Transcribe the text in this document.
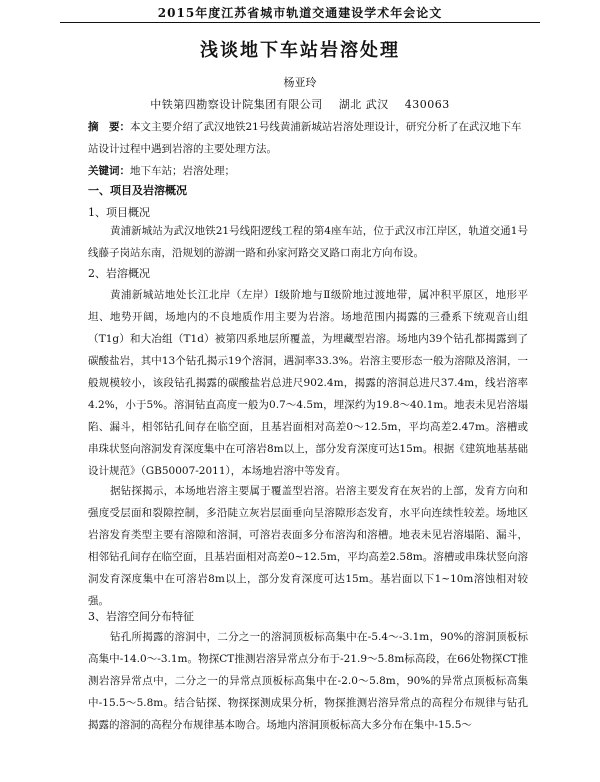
2015年度江苏省城市轨道交通建设学术年会论文
浅谈地下车站岩溶处理
杨亚玲
中铁第四勘察设计院集团有限公司 湖北 武汉 430063

摘　要：本文主要介绍了武汉地铁21号线黄浦新城站岩溶处理设计，研究分析了在武汉地下车站设计过程中遇到岩溶的主要处理方法。

关键词：地下车站；岩溶处理；

一、项目及岩溶概况
1、项目概况

黄浦新城站为武汉地铁21号线阳逻线工程的第4座车站，位于武汉市江岸区，轨道交通1号线藤子岗站东南，沿规划的游湖一路和孙家河路交叉路口南北方向布设。

2、岩溶概况

黄浦新城站地处长江北岸（左岸）Ⅰ级阶地与Ⅱ级阶地过渡地带，属冲积平原区，地形平坦、地势开阔，场地内的不良地质作用主要为岩溶。场地范围内揭露的三叠系下统观音山组（T1g）和大冶组（T1d）被第四系地层所覆盖，为埋藏型岩溶。场地内39个钻孔都揭露到了碳酸盐岩，其中13个钻孔揭示19个溶洞，遇洞率33.3%。岩溶主要形态一般为溶隙及溶洞，一般规模较小，该段钻孔揭露的碳酸盐岩总进尺902.4m，揭露的溶洞总进尺37.4m，线岩溶率4.2%，小于5%。溶洞钻直高度一般为0.7～4.5m，埋深约为19.8～40.1m。地表未见岩溶塌陷、漏斗，相邻钻孔间存在临空面，且基岩面相对高差0～12.5m，平均高差2.47m。溶槽或串珠状竖向溶洞发育深度集中在可溶岩8m以上，部分发育深度可达15m。根据《建筑地基基础设计规范》（GB50007-2011），本场地岩溶中等发育。

据钻探揭示，本场地岩溶主要属于覆盖型岩溶。岩溶主要发育在灰岩的上部，发育方向和强度受层面和裂隙控制，多沿陡立灰岩层面垂向呈溶隙形态发育，水平向连续性较差。场地区岩溶发育类型主要有溶隙和溶洞，可溶岩表面多分布溶沟和溶槽。地表未见岩溶塌陷、漏斗，相邻钻孔间存在临空面，且基岩面相对高差0~12.5m，平均高差2.58m。溶槽或串珠状竖向溶洞发育深度集中在可溶岩8m以上，部分发育深度可达15m。基岩面以下1~10m溶蚀相对较强。

3、岩溶空间分布特征

钻孔所揭露的溶洞中，二分之一的溶洞顶板标高集中在-5.4～-3.1m，90%的溶洞顶板标高集中-14.0～-3.1m。物探CT推测岩溶异常点分布于-21.9～5.8m标高段，在66处物探CT推测岩溶异常点中，二分之一的异常点顶板标高集中在-2.0～5.8m，90%的异常点顶板标高集中-15.5～5.8m。结合钻探、物探探测成果分析，物探推测岩溶异常点的高程分布规律与钻孔揭露的溶洞的高程分布规律基本吻合。场地内溶洞顶板标高大多分布在集中-15.5～
